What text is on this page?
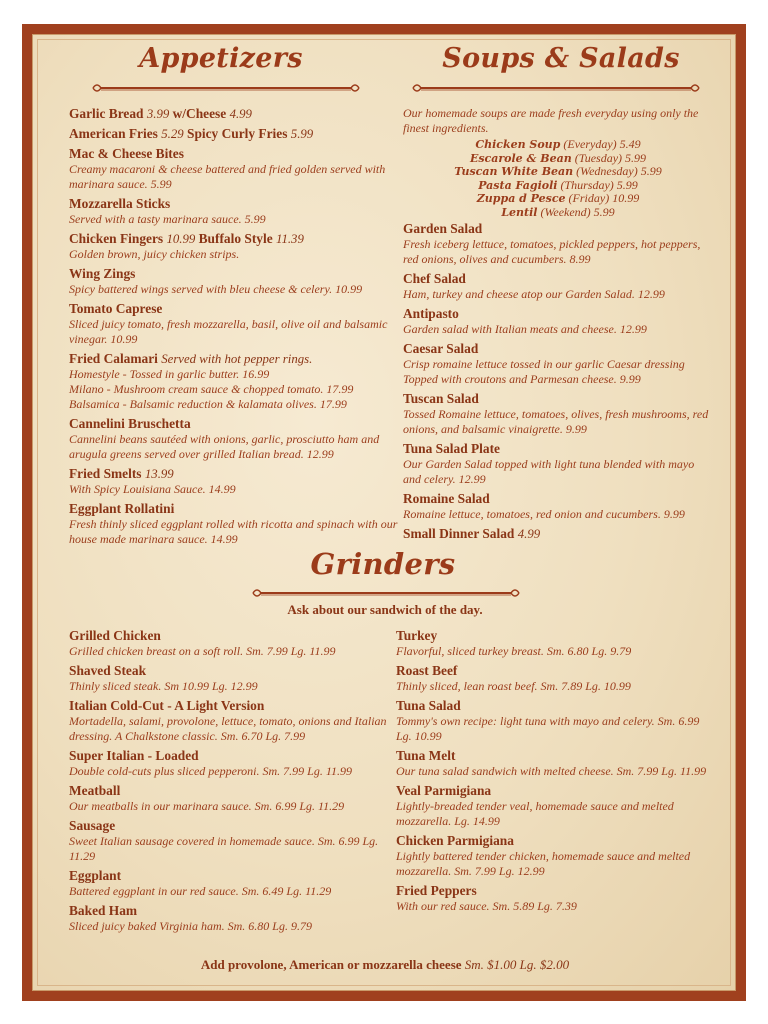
Appetizers
Garlic Bread 3.99 w/Cheese 4.99
American Fries 5.29 Spicy Curly Fries 5.99
Mac & Cheese Bites
Creamy macaroni & cheese battered and fried golden served with marinara sauce. 5.99
Mozzarella Sticks
Served with a tasty marinara sauce. 5.99
Chicken Fingers 10.99 Buffalo Style 11.39
Golden brown, juicy chicken strips.
Wing Zings
Spicy battered wings served with bleu cheese & celery. 10.99
Tomato Caprese
Sliced juicy tomato, fresh mozzarella, basil, olive oil and balsamic vinegar. 10.99
Fried Calamari Served with hot pepper rings.
Homestyle - Tossed in garlic butter. 16.99
Milano - Mushroom cream sauce & chopped tomato. 17.99
Balsamica - Balsamic reduction & kalamata olives. 17.99
Cannelini Bruschetta
Cannelini beans sautéed with onions, garlic, prosciutto ham and arugula greens served over grilled Italian bread. 12.99
Fried Smelts 13.99
With Spicy Louisiana Sauce. 14.99
Eggplant Rollatini
Fresh thinly sliced eggplant rolled with ricotta and spinach with our house made marinara sauce. 14.99
Soups & Salads
Our homemade soups are made fresh everyday using only the finest ingredients.
Chicken Soup (Everyday) 5.49
Escarole & Bean (Tuesday) 5.99
Tuscan White Bean (Wednesday) 5.99
Pasta Fagioli (Thursday) 5.99
Zuppa d Pesce (Friday) 10.99
Lentil (Weekend) 5.99
Garden Salad
Fresh iceberg lettuce, tomatoes, pickled peppers, hot peppers, red onions, olives and cucumbers. 8.99
Chef Salad
Ham, turkey and cheese atop our Garden Salad. 12.99
Antipasto
Garden salad with Italian meats and cheese. 12.99
Caesar Salad
Crisp romaine lettuce tossed in our garlic Caesar dressing Topped with croutons and Parmesan cheese. 9.99
Tuscan Salad
Tossed Romaine lettuce, tomatoes, olives, fresh mushrooms, red onions, and balsamic vinaigrette. 9.99
Tuna Salad Plate
Our Garden Salad topped with light tuna blended with mayo and celery. 12.99
Romaine Salad
Romaine lettuce, tomatoes, red onion and cucumbers. 9.99
Small Dinner Salad 4.99
Grinders
Ask about our sandwich of the day.
Grilled Chicken
Grilled chicken breast on a soft roll. Sm. 7.99 Lg. 11.99
Shaved Steak
Thinly sliced steak. Sm 10.99 Lg. 12.99
Italian Cold-Cut - A Light Version
Mortadella, salami, provolone, lettuce, tomato, onions and Italian dressing. A Chalkstone classic. Sm. 6.70 Lg. 7.99
Super Italian - Loaded
Double cold-cuts plus sliced pepperoni. Sm. 7.99 Lg. 11.99
Meatball
Our meatballs in our marinara sauce. Sm. 6.99 Lg. 11.29
Sausage
Sweet Italian sausage covered in homemade sauce. Sm. 6.99 Lg. 11.29
Eggplant
Battered eggplant in our red sauce. Sm. 6.49 Lg. 11.29
Baked Ham
Sliced juicy baked Virginia ham. Sm. 6.80 Lg. 9.79
Turkey
Flavorful, sliced turkey breast. Sm. 6.80 Lg. 9.79
Roast Beef
Thinly sliced, lean roast beef. Sm. 7.89 Lg. 10.99
Tuna Salad
Tommy's own recipe: light tuna with mayo and celery. Sm. 6.99 Lg. 10.99
Tuna Melt
Our tuna salad sandwich with melted cheese. Sm. 7.99 Lg. 11.99
Veal Parmigiana
Lightly-breaded tender veal, homemade sauce and melted mozzarella. Lg. 14.99
Chicken Parmigiana
Lightly battered tender chicken, homemade sauce and melted mozzarella. Sm. 7.99 Lg. 12.99
Fried Peppers
With our red sauce. Sm. 5.89 Lg. 7.39
Add provolone, American or mozzarella cheese Sm. $1.00 Lg. $2.00
